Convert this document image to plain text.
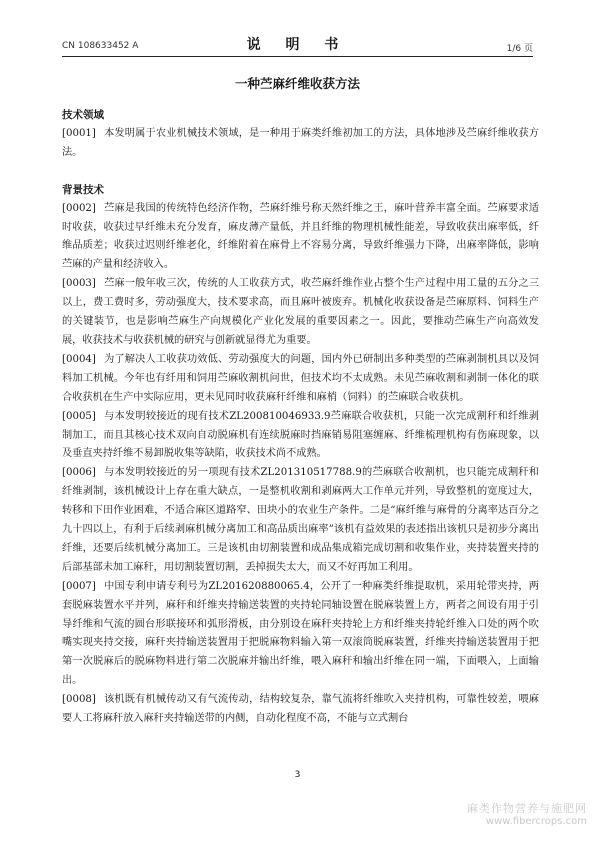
CN 108633452 A	说 明 书	1/6 页
一种苎麻纤维收获方法
技术领域

[0001] 本发明属于农业机械技术领域，是一种用于麻类纤维初加工的方法，具体地涉及苎麻纤维收获方法。

背景技术

[0002] 苎麻是我国的传统特色经济作物，苎麻纤维号称天然纤维之王，麻叶营养丰富全面。苎麻要求适时收获，收获过早纤维未充分发育，麻皮薄产量低，并且纤维的物理机械性能差，导致收获出麻率低，纤维品质差；收获过迟则纤维老化，纤维附着在麻骨上不容易分离，导致纤维强力下降，出麻率降低，影响苎麻的产量和经济收入。

[0003] 苎麻一般年收三次，传统的人工收获方式，收苎麻纤维作业占整个生产过程中用工量的五分之三以上，费工费时多，劳动强度大，技术要求高，而且麻叶被废弃。机械化收获设备是苎麻原料、饲料生产的关键装节，也是影响苎麻生产向规模化产业化发展的重要因素之一。因此，要推动苎麻生产向高效发展，收获技术与收获机械的研究与创新就显得尤为重要。

[0004] 为了解决人工收获功效低、劳动强度大的问题，国内外已研制出多种类型的苎麻剥制机具以及饲料加工机械。今年也有纤用和饲用苎麻收割机问世，但技术均不太成熟。未见苎麻收割和剥制一体化的联合收获机在生产中实际应用，更未见同时收获麻秆纤维和麻梢（饲料）的苎麻联合收获机。

[0005] 与本发明较接近的现有技术ZL200810046933.9苎麻联合收获机，只能一次完成割秆和纤维剥制加工，而且其核心技术双向自动脱麻机有连续脱麻时挡麻销易阻塞缠麻、纤维梳理机构有伤麻现象，以及垂直夹持纤维不易卸脱收集等缺陷，收获技术尚不成熟。

[0006] 与本发明较接近的另一项现有技术ZL201310517788.9的苎麻联合收割机，也只能完成割秆和纤维剥制，该机械设计上存在重大缺点，一是整机收割和剥麻两大工作单元并列，导致整机的宽度过大，转移和下田作业困难，不适合麻区道路窄、田块小的农业生产条件。二是“麻纤维与麻骨的分离率达百分之九十四以上，有利于后续剥麻机械分离加工和高品质出麻率”该机有益效果的表述指出该机只是初步分离出纤维，还要后续机械分离加工。三是该机由切割装置和成品集成箱完成切割和收集作业，夹持装置夹持的后部基部未加工麻秆，用切割装置切割，丢掉损失太大，而又不好再加工利用。

[0007] 中国专利申请专利号为ZL201620880065.4，公开了一种麻类纤维提取机，采用轮带夹持，两套脱麻装置水平并列，麻秆和纤维夹持输送装置的夹持轮同轴设置在脱麻装置上方，两者之间设有用于引导纤维和气流的圆台形联接环和弧形滑板，由分别设在麻秆夹持轮上方和纤维夹持轮纤维入口处的两个吹嘴实现夹持交接，麻秆夹持输送装置用于把脱麻物料输入第一双滚筒脱麻装置，纤维夹持输送装置用于把第一次脱麻后的脱麻物料进行第二次脱麻并输出纤维，喂入麻秆和输出纤维在同一端，下面喂入，上面输出。

[0008] 该机既有机械传动又有气流传动，结构较复杂，靠气流将纤维吹入夹持机构，可靠性较差，喂麻要人工将麻秆放入麻秆夹持输送带的内侧，自动化程度不高，不能与立式割台

3
麻类作物营养与施肥网
www.fibercrops.com
